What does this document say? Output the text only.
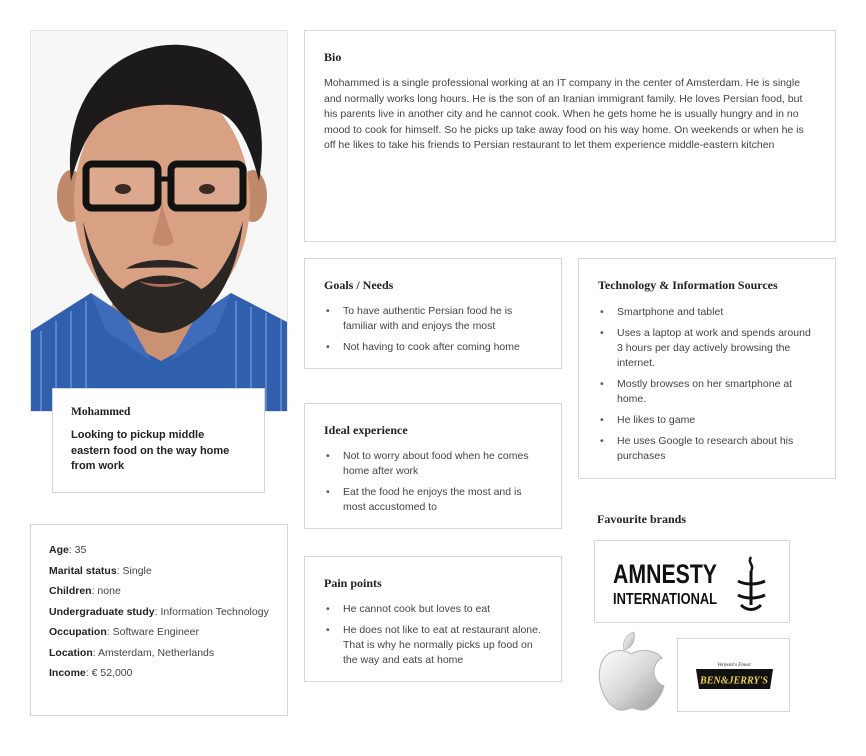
Mohammed
Looking to pickup middle eastern food on the way home from work

Age: 35

Marital status: Single

Children: none

Undergraduate study: Information Technology

Occupation: Software Engineer

Location: Amsterdam, Netherlands

Income: € 52,000

Bio
Mohammed is a single professional working at an IT company in the center of Amsterdam. He is single and normally works long hours. He is the son of an Iranian immigrant family. He loves Persian food, but his parents live in another city and he cannot cook. When he gets home he is usually hungry and in no mood to cook for himself. So he picks up take away food on his way home. On weekends or when he is off he likes to take his friends to Persian restaurant to let them experience middle-eastern kitchen
Goals / Needs
• To have authentic Persian food he is familiar with and enjoys the most
• Not having to cook after coming home
Ideal experience
• Not to worry about food when he comes home after work
• Eat the food he enjoys the most and is most accustomed to
Pain points
• He cannot cook but loves to eat
• He does not like to eat at restaurant alone. That is why he normally picks up food on the way and eats at home
Technology & Information Sources
• Smartphone and tablet
• Uses a laptop at work and spends around 3 hours per day actively browsing the internet.
• Mostly browses on her smartphone at home.
• He likes to game
• He uses Google to research about his purchases
Favourite brands
AMNESTY
INTERNATIONAL
Vermont's Finest
BEN&JERRY'S
